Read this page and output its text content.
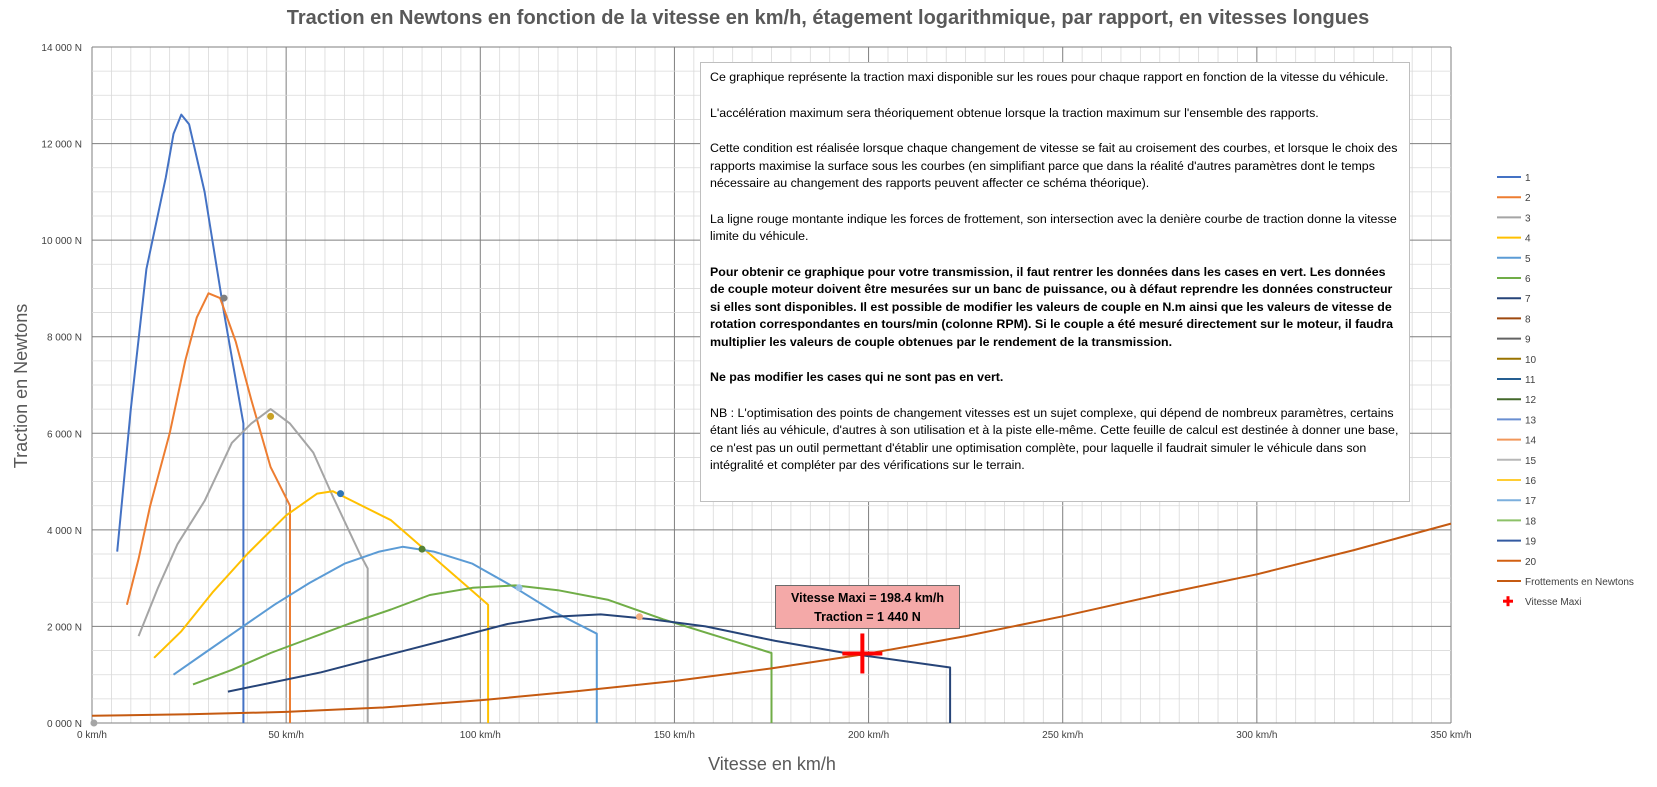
Traction en Newtons en fonction de la vitesse en km/h, étagement logarithmique, par rapport, en vitesses longues
0 000 N
2 000 N
4 000 N
6 000 N
8 000 N
10 000 N
12 000 N
14 000 N
0 km/h	50 km/h	100 km/h	150 km/h	200 km/h	250 km/h	300 km/h	350 km/h
Traction en Newtons
Vitesse en km/h
1
2
3
4
5
6
7
8
9
10
11
12
13
14
15
16
17
18
19
20
Frottements en Newtons
Vitesse Maxi

Ce graphique représente la traction maxi disponible sur les roues pour chaque rapport en fonction de la vitesse du véhicule.

L'accélération maximum sera théoriquement obtenue lorsque la traction maximum sur l'ensemble des rapports.

Cette condition est réalisée lorsque chaque changement de vitesse se fait au croisement des courbes, et lorsque le choix des rapports maximise la surface sous les courbes (en simplifiant parce que dans la réalité d'autres paramètres dont le temps nécessaire au changement des rapports peuvent affecter ce schéma théorique).

La ligne rouge montante indique les forces de frottement, son intersection avec la denière courbe de traction donne la vitesse limite du véhicule.

Pour obtenir ce graphique pour votre transmission, il faut rentrer les données dans les cases en vert. Les données de couple moteur doivent être mesurées sur un banc de puissance, ou à défaut reprendre les données constructeur si elles sont disponibles. Il est possible de modifier les valeurs de couple en N.m ainsi que les valeurs de vitesse de rotation correspondantes en tours/min (colonne RPM). Si le couple a été mesuré directement sur le moteur, il faudra multiplier les valeurs de couple obtenues par le rendement de la transmission.

Ne pas modifier les cases qui ne sont pas en vert.

NB : L'optimisation des points de changement vitesses est un sujet complexe, qui dépend de nombreux paramètres, certains étant liés au véhicule, d'autres à son utilisation et à la piste elle-même. Cette feuille de calcul est destinée à donner une base, ce n'est pas un outil permettant d'établir une optimisation complète, pour laquelle il faudrait simuler le véhicule dans son intégralité et compléter par des vérifications sur le terrain.

Vitesse Maxi = 198.4 km/h
Traction = 1 440 N
